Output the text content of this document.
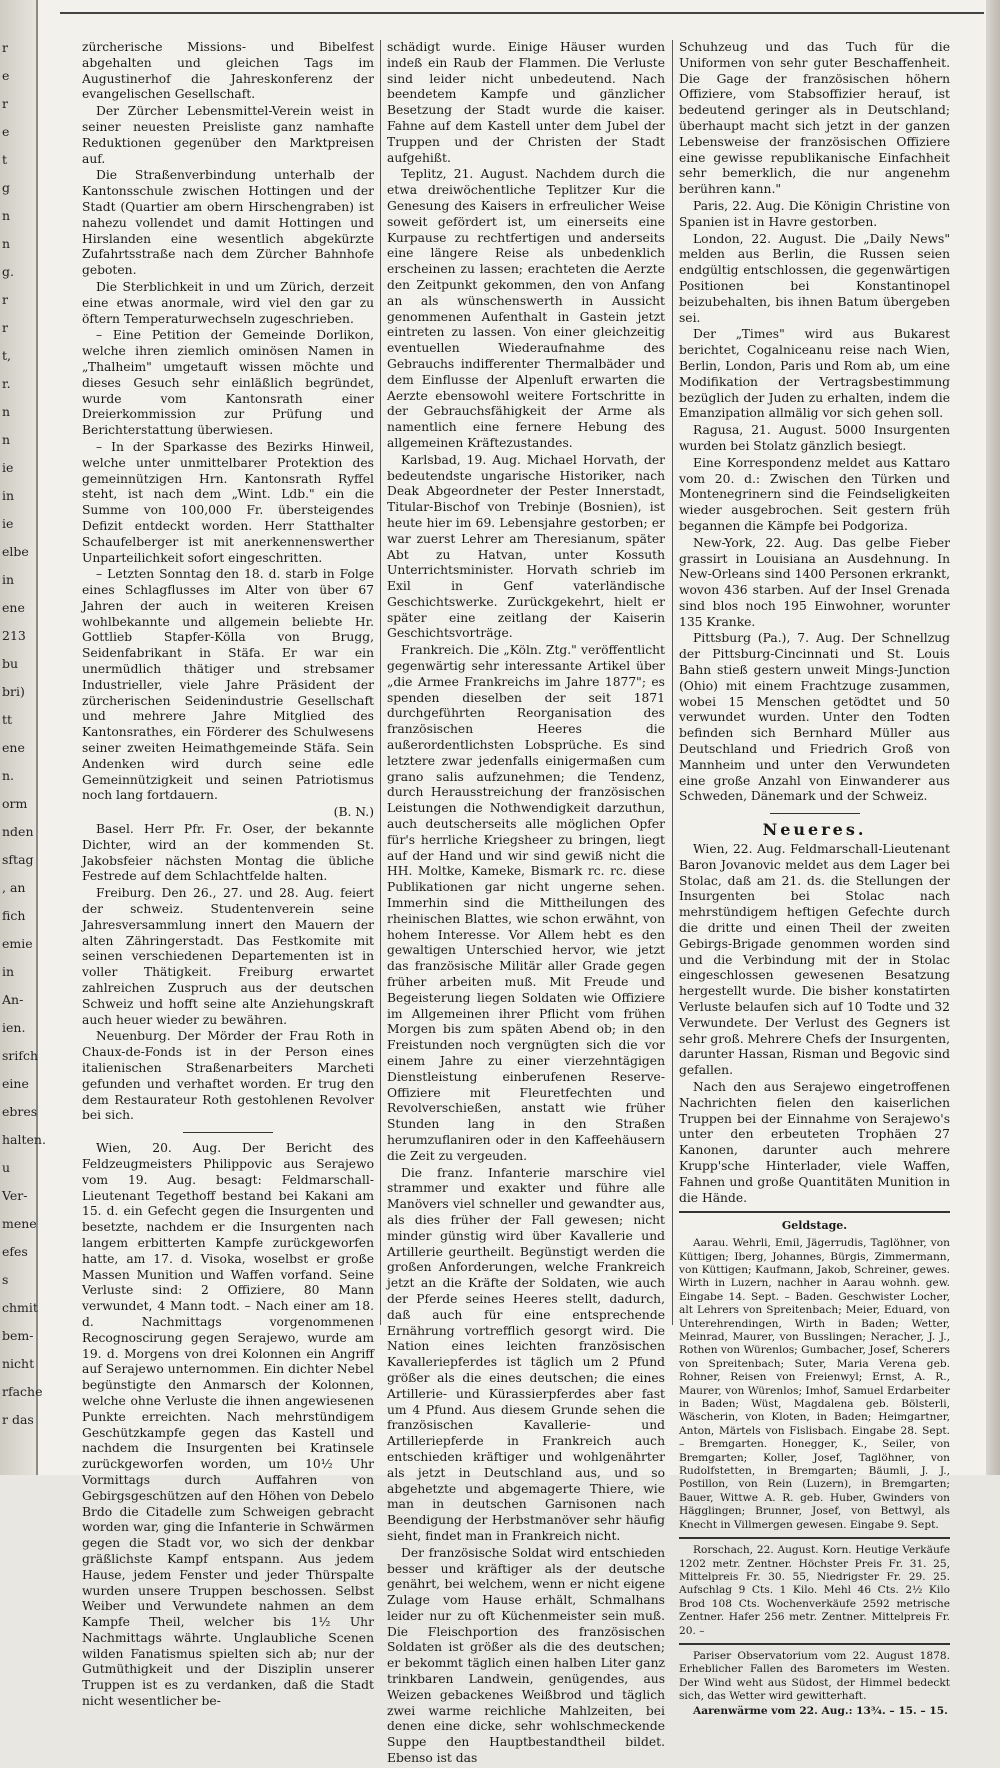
r
e
r
e
t
g
n
n
g.
r
r
t,
r.
n
n
ie
in
ie
elbe
in
ene
213
bu
bri)
tt
ene
n.
orm
nden
sftag
, an
fich
emie
in
An-
ien.
srifch
eine
ebres
halten.
u
Ver-
mene
efes
s
chmit
bem-
nicht
rfache
r das

zürcherische Missions- und Bibelfest abgehalten und gleichen Tags im Augustinerhof die Jahreskonferenz der evangelischen Gesellschaft.

Der Zürcher Lebensmittel-Verein weist in seiner neuesten Preisliste ganz namhafte Reduktionen gegenüber den Marktpreisen auf.

Die Straßenverbindung unterhalb der Kantonsschule zwischen Hottingen und der Stadt (Quartier am obern Hirschengraben) ist nahezu vollendet und damit Hottingen und Hirslanden eine wesentlich abgekürzte Zufahrtsstraße nach dem Zürcher Bahnhofe geboten.

Die Sterblichkeit in und um Zürich, derzeit eine etwas anormale, wird viel den gar zu öftern Temperaturwechseln zugeschrieben.

– Eine Petition der Gemeinde Dorlikon, welche ihren ziemlich ominösen Namen in „Thalheim" umgetauft wissen möchte und dieses Gesuch sehr einläßlich begründet, wurde vom Kantonsrath einer Dreierkommission zur Prüfung und Berichterstattung überwiesen.

– In der Sparkasse des Bezirks Hinweil, welche unter unmittelbarer Protektion des gemeinnützigen Hrn. Kantonsrath Ryffel steht, ist nach dem „Wint. Ldb." ein die Summe von 100,000 Fr. übersteigendes Defizit entdeckt worden. Herr Statthalter Schaufelberger ist mit anerkennenswerther Unparteilichkeit sofort eingeschritten.

– Letzten Sonntag den 18. d. starb in Folge eines Schlagflusses im Alter von über 67 Jahren der auch in weiteren Kreisen wohlbekannte und allgemein beliebte Hr. Gottlieb Stapfer-Kölla von Brugg, Seidenfabrikant in Stäfa. Er war ein unermüdlich thätiger und strebsamer Industrieller, viele Jahre Präsident der zürcherischen Seidenindustrie Gesellschaft und mehrere Jahre Mitglied des Kantonsrathes, ein Förderer des Schulwesens seiner zweiten Heimathgemeinde Stäfa. Sein Andenken wird durch seine edle Gemeinnützigkeit und seinen Patriotismus noch lang fortdauern.

(B. N.)

Basel. Herr Pfr. Fr. Oser, der bekannte Dichter, wird an der kommenden St. Jakobsfeier nächsten Montag die übliche Festrede auf dem Schlachtfelde halten.

Freiburg. Den 26., 27. und 28. Aug. feiert der schweiz. Studentenverein seine Jahresversammlung innert den Mauern der alten Zähringerstadt. Das Festkomite mit seinen verschiedenen Departementen ist in voller Thätigkeit. Freiburg erwartet zahlreichen Zuspruch aus der deutschen Schweiz und hofft seine alte Anziehungskraft auch heuer wieder zu bewähren.

Neuenburg. Der Mörder der Frau Roth in Chaux-de-Fonds ist in der Person eines italienischen Straßenarbeiters Marcheti gefunden und verhaftet worden. Er trug den dem Restaurateur Roth gestohlenen Revolver bei sich.

Wien, 20. Aug. Der Bericht des Feldzeugmeisters Philippovic aus Serajewo vom 19. Aug. besagt: Feldmarschall-Lieutenant Tegethoff bestand bei Kakani am 15. d. ein Gefecht gegen die Insurgenten und besetzte, nachdem er die Insurgenten nach langem erbitterten Kampfe zurückgeworfen hatte, am 17. d. Visoka, woselbst er große Massen Munition und Waffen vorfand. Seine Verluste sind: 2 Offiziere, 80 Mann verwundet, 4 Mann todt. – Nach einer am 18. d. Nachmittags vorgenommenen Recognoscirung gegen Serajewo, wurde am 19. d. Morgens von drei Kolonnen ein Angriff auf Serajewo unternommen. Ein dichter Nebel begünstigte den Anmarsch der Kolonnen, welche ohne Verluste die ihnen angewiesenen Punkte erreichten. Nach mehrstündigem Geschützkampfe gegen das Kastell und nachdem die Insurgenten bei Kratinsele zurückgeworfen worden, um 10½ Uhr Vormittags durch Auffahren von Gebirgsgeschützen auf den Höhen von Debelo Brdo die Citadelle zum Schweigen gebracht worden war, ging die Infanterie in Schwärmen gegen die Stadt vor, wo sich der denkbar gräßlichste Kampf entspann. Aus jedem Hause, jedem Fenster und jeder Thürspalte wurden unsere Truppen beschossen. Selbst Weiber und Verwundete nahmen an dem Kampfe Theil, welcher bis 1½ Uhr Nachmittags währte. Unglaubliche Scenen wilden Fanatismus spielten sich ab; nur der Gutmüthigkeit und der Disziplin unserer Truppen ist es zu verdanken, daß die Stadt nicht wesentlicher be-

schädigt wurde. Einige Häuser wurden indeß ein Raub der Flammen. Die Verluste sind leider nicht unbedeutend. Nach beendetem Kampfe und gänzlicher Besetzung der Stadt wurde die kaiser. Fahne auf dem Kastell unter dem Jubel der Truppen und der Christen der Stadt aufgehißt.

Teplitz, 21. August. Nachdem durch die etwa dreiwöchentliche Teplitzer Kur die Genesung des Kaisers in erfreulicher Weise soweit gefördert ist, um einerseits eine Kurpause zu rechtfertigen und anderseits eine längere Reise als unbedenklich erscheinen zu lassen; erachteten die Aerzte den Zeitpunkt gekommen, den von Anfang an als wünschenswerth in Aussicht genommenen Aufenthalt in Gastein jetzt eintreten zu lassen. Von einer gleichzeitig eventuellen Wiederaufnahme des Gebrauchs indifferenter Thermalbäder und dem Einflusse der Alpenluft erwarten die Aerzte ebensowohl weitere Fortschritte in der Gebrauchsfähigkeit der Arme als namentlich eine fernere Hebung des allgemeinen Kräftezustandes.

Karlsbad, 19. Aug. Michael Horvath, der bedeutendste ungarische Historiker, nach Deak Abgeordneter der Pester Innerstadt, Titular-Bischof von Trebinje (Bosnien), ist heute hier im 69. Lebensjahre gestorben; er war zuerst Lehrer am Theresianum, später Abt zu Hatvan, unter Kossuth Unterrichtsminister. Horvath schrieb im Exil in Genf vaterländische Geschichtswerke. Zurückgekehrt, hielt er später eine zeitlang der Kaiserin Geschichtsvorträge.

Frankreich. Die „Köln. Ztg." veröffentlicht gegenwärtig sehr interessante Artikel über „die Armee Frankreichs im Jahre 1877"; es spenden dieselben der seit 1871 durchgeführten Reorganisation des französischen Heeres die außerordentlichsten Lobsprüche. Es sind letztere zwar jedenfalls einigermaßen cum grano salis aufzunehmen; die Tendenz, durch Herausstreichung der französischen Leistungen die Nothwendigkeit darzuthun, auch deutscherseits alle möglichen Opfer für's herrliche Kriegsheer zu bringen, liegt auf der Hand und wir sind gewiß nicht die HH. Moltke, Kameke, Bismark rc. rc. diese Publikationen gar nicht ungerne sehen. Immerhin sind die Mittheilungen des rheinischen Blattes, wie schon erwähnt, von hohem Interesse. Vor Allem hebt es den gewaltigen Unterschied hervor, wie jetzt das französische Militär aller Grade gegen früher arbeiten muß. Mit Freude und Begeisterung liegen Soldaten wie Offiziere im Allgemeinen ihrer Pflicht vom frühen Morgen bis zum späten Abend ob; in den Freistunden noch vergnügten sich die vor einem Jahre zu einer vierzehntägigen Dienstleistung einberufenen Reserve-Offiziere mit Fleuretfechten und Revolverschießen, anstatt wie früher Stunden lang in den Straßen herumzuflaniren oder in den Kaffeehäusern die Zeit zu vergeuden.

Die franz. Infanterie marschire viel strammer und exakter und führe alle Manövers viel schneller und gewandter aus, als dies früher der Fall gewesen; nicht minder günstig wird über Kavallerie und Artillerie geurtheilt. Begünstigt werden die großen Anforderungen, welche Frankreich jetzt an die Kräfte der Soldaten, wie auch der Pferde seines Heeres stellt, dadurch, daß auch für eine entsprechende Ernährung vortrefflich gesorgt wird. Die Nation eines leichten französischen Kavalleriepferdes ist täglich um 2 Pfund größer als die eines deutschen; die eines Artillerie- und Kürassierpferdes aber fast um 4 Pfund. Aus diesem Grunde sehen die französischen Kavallerie- und Artilleriepferde in Frankreich auch entschieden kräftiger und wohlgenährter als jetzt in Deutschland aus, und so abgehetzte und abgemagerte Thiere, wie man in deutschen Garnisonen nach Beendigung der Herbstmanöver sehr häufig sieht, findet man in Frankreich nicht.

Der französische Soldat wird entschieden besser und kräftiger als der deutsche genährt, bei welchem, wenn er nicht eigene Zulage vom Hause erhält, Schmalhans leider nur zu oft Küchenmeister sein muß. Die Fleischportion des französischen Soldaten ist größer als die des deutschen; er bekommt täglich einen halben Liter ganz trinkbaren Landwein, genügendes, aus Weizen gebackenes Weißbrod und täglich zwei warme reichliche Mahlzeiten, bei denen eine dicke, sehr wohlschmeckende Suppe den Hauptbestandtheil bildet. Ebenso ist das

Schuhzeug und das Tuch für die Uniformen von sehr guter Beschaffenheit. Die Gage der französischen höhern Offiziere, vom Stabsoffizier herauf, ist bedeutend geringer als in Deutschland; überhaupt macht sich jetzt in der ganzen Lebensweise der französischen Offiziere eine gewisse republikanische Einfachheit sehr bemerklich, die nur angenehm berühren kann."

Paris, 22. Aug. Die Königin Christine von Spanien ist in Havre gestorben.

London, 22. August. Die „Daily News" melden aus Berlin, die Russen seien endgültig entschlossen, die gegenwärtigen Positionen bei Konstantinopel beizubehalten, bis ihnen Batum übergeben sei.

Der „Times" wird aus Bukarest berichtet, Cogalniceanu reise nach Wien, Berlin, London, Paris und Rom ab, um eine Modifikation der Vertragsbestimmung bezüglich der Juden zu erhalten, indem die Emanzipation allmälig vor sich gehen soll.

Ragusa, 21. August. 5000 Insurgenten wurden bei Stolatz gänzlich besiegt.

Eine Korrespondenz meldet aus Kattaro vom 20. d.: Zwischen den Türken und Montenegrinern sind die Feindseligkeiten wieder ausgebrochen. Seit gestern früh begannen die Kämpfe bei Podgoriza.

New-York, 22. Aug. Das gelbe Fieber grassirt in Louisiana an Ausdehnung. In New-Orleans sind 1400 Personen erkrankt, wovon 436 starben. Auf der Insel Grenada sind blos noch 195 Einwohner, worunter 135 Kranke.

Pittsburg (Pa.), 7. Aug. Der Schnellzug der Pittsburg-Cincinnati und St. Louis Bahn stieß gestern unweit Mings-Junction (Ohio) mit einem Frachtzuge zusammen, wobei 15 Menschen getödtet und 50 verwundet wurden. Unter den Todten befinden sich Bernhard Müller aus Deutschland und Friedrich Groß von Mannheim und unter den Verwundeten eine große Anzahl von Einwanderer aus Schweden, Dänemark und der Schweiz.

Neueres.

Wien, 22. Aug. Feldmarschall-Lieutenant Baron Jovanovic meldet aus dem Lager bei Stolac, daß am 21. ds. die Stellungen der Insurgenten bei Stolac nach mehrstündigem heftigen Gefechte durch die dritte und einen Theil der zweiten Gebirgs-Brigade genommen worden sind und die Verbindung mit der in Stolac eingeschlossen gewesenen Besatzung hergestellt wurde. Die bisher konstatirten Verluste belaufen sich auf 10 Todte und 32 Verwundete. Der Verlust des Gegners ist sehr groß. Mehrere Chefs der Insurgenten, darunter Hassan, Risman und Begovic sind gefallen.

Nach den aus Serajewo eingetroffenen Nachrichten fielen den kaiserlichen Truppen bei der Einnahme von Serajewo's unter den erbeuteten Trophäen 27 Kanonen, darunter auch mehrere Krupp'sche Hinterlader, viele Waffen, Fahnen und große Quantitäten Munition in die Hände.

Geldstage.

Aarau. Wehrli, Emil, Jägerrudis, Taglöhner, von Küttigen; Iberg, Johannes, Bürgis, Zimmermann, von Küttigen; Kaufmann, Jakob, Schreiner, gewes. Wirth in Luzern, nachher in Aarau wohnh. gew. Eingabe 14. Sept. – Baden. Geschwister Locher, alt Lehrers von Spreitenbach; Meier, Eduard, von Unterehrendingen, Wirth in Baden; Wetter, Meinrad, Maurer, von Busslingen; Neracher, J. J., Rothen von Würenlos; Gumbacher, Josef, Scherers von Spreitenbach; Suter, Maria Verena geb. Rohner, Reisen von Freienwyl; Ernst, A. R., Maurer, von Würenlos; Imhof, Samuel Erdarbeiter in Baden; Wüst, Magdalena geb. Bölsterli, Wäscherin, von Kloten, in Baden; Heimgartner, Anton, Märtels von Fislisbach. Eingabe 28. Sept. – Bremgarten. Honegger, K., Seiler, von Bremgarten; Koller, Josef, Taglöhner, von Rudolfstetten, in Bremgarten; Bäumli, J. J., Postillon, von Rein (Luzern), in Bremgarten; Bauer, Wittwe A. R. geb. Huber, Gwinders von Hägglingen; Brunner, Josef, von Bettwyl, als Knecht in Villmergen gewesen. Eingabe 9. Sept.

Rorschach, 22. August. Korn. Heutige Verkäufe 1202 metr. Zentner. Höchster Preis Fr. 31. 25, Mittelpreis Fr. 30. 55, Niedrigster Fr. 29. 25. Aufschlag 9 Cts. 1 Kilo. Mehl 46 Cts. 2½ Kilo Brod 108 Cts. Wochenverkäufe 2592 metrische Zentner. Hafer 256 metr. Zentner. Mittelpreis Fr. 20. –

Pariser Observatorium vom 22. August 1878. Erheblicher Fallen des Barometers im Westen. Der Wind weht aus Südost, der Himmel bedeckt sich, das Wetter wird gewitterhaft.

Aarenwärme vom 22. Aug.: 13¾. – 15. – 15.
